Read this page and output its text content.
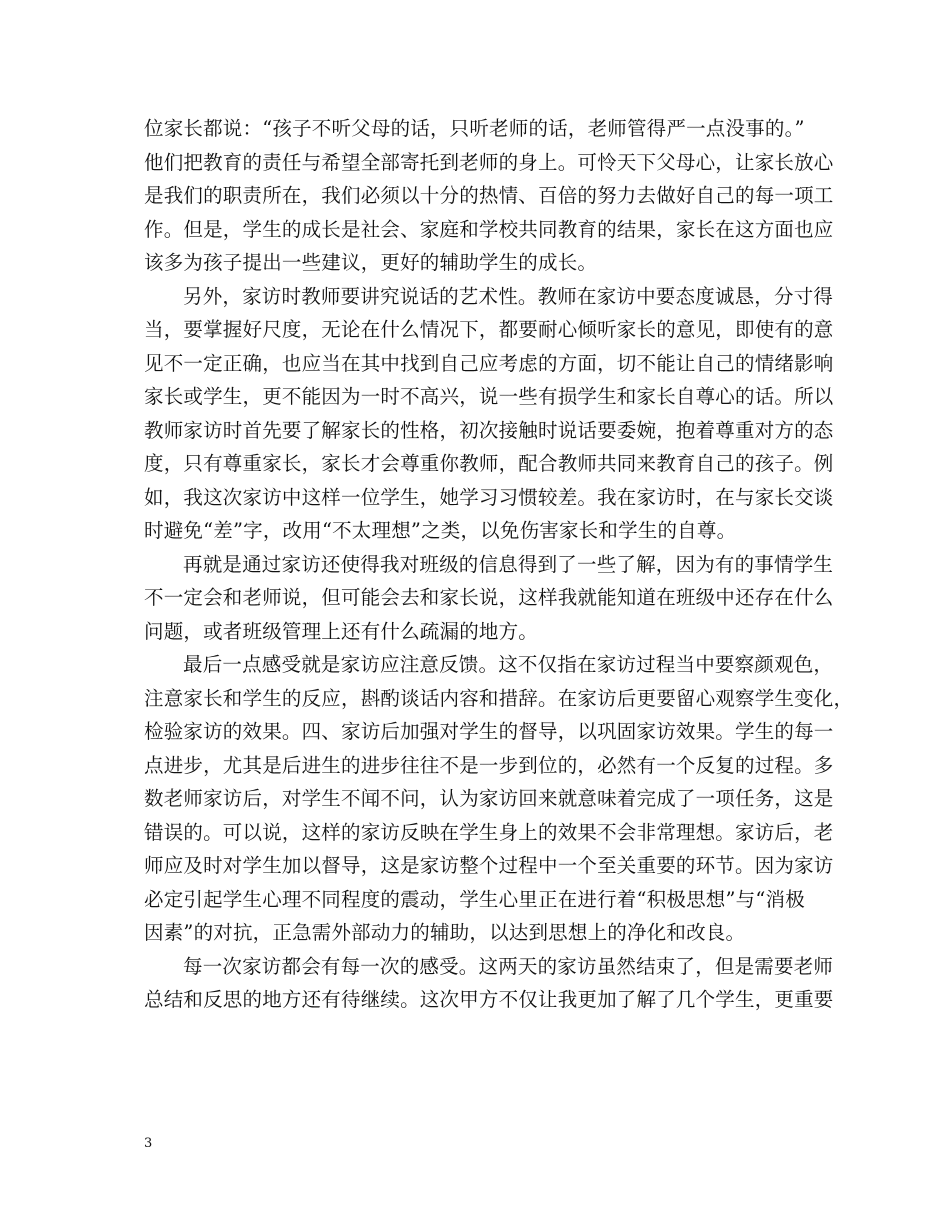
位家长都说：“孩子不听父母的话，只听老师的话，老师管得严一点没事的。”
他们把教育的责任与希望全部寄托到老师的身上。可怜天下父母心，让家长放心
是我们的职责所在，我们必须以十分的热情、百倍的努力去做好自己的每一项工
作。但是，学生的成长是社会、家庭和学校共同教育的结果，家长在这方面也应
该多为孩子提出一些建议，更好的辅助学生的成长。
另外，家访时教师要讲究说话的艺术性。教师在家访中要态度诚恳，分寸得
当，要掌握好尺度，无论在什么情况下，都要耐心倾听家长的意见，即使有的意
见不一定正确，也应当在其中找到自己应考虑的方面，切不能让自己的情绪影响
家长或学生，更不能因为一时不高兴，说一些有损学生和家长自尊心的话。所以
教师家访时首先要了解家长的性格，初次接触时说话要委婉，抱着尊重对方的态
度，只有尊重家长，家长才会尊重你教师，配合教师共同来教育自己的孩子。例
如，我这次家访中这样一位学生，她学习习惯较差。我在家访时，在与家长交谈
时避免“差”字，改用“不太理想”之类，以免伤害家长和学生的自尊。
再就是通过家访还使得我对班级的信息得到了一些了解，因为有的事情学生
不一定会和老师说，但可能会去和家长说，这样我就能知道在班级中还存在什么
问题，或者班级管理上还有什么疏漏的地方。
最后一点感受就是家访应注意反馈。这不仅指在家访过程当中要察颜观色，
注意家长和学生的反应，斟酌谈话内容和措辞。在家访后更要留心观察学生变化，
检验家访的效果。四、家访后加强对学生的督导，以巩固家访效果。学生的每一
点进步，尤其是后进生的进步往往不是一步到位的，必然有一个反复的过程。多
数老师家访后，对学生不闻不问，认为家访回来就意味着完成了一项任务，这是
错误的。可以说，这样的家访反映在学生身上的效果不会非常理想。家访后，老
师应及时对学生加以督导，这是家访整个过程中一个至关重要的环节。因为家访
必定引起学生心理不同程度的震动，学生心里正在进行着“积极思想”与“消极
因素”的对抗，正急需外部动力的辅助，以达到思想上的净化和改良。
每一次家访都会有每一次的感受。这两天的家访虽然结束了，但是需要老师
总结和反思的地方还有待继续。这次甲方不仅让我更加了解了几个学生，更重要
3
